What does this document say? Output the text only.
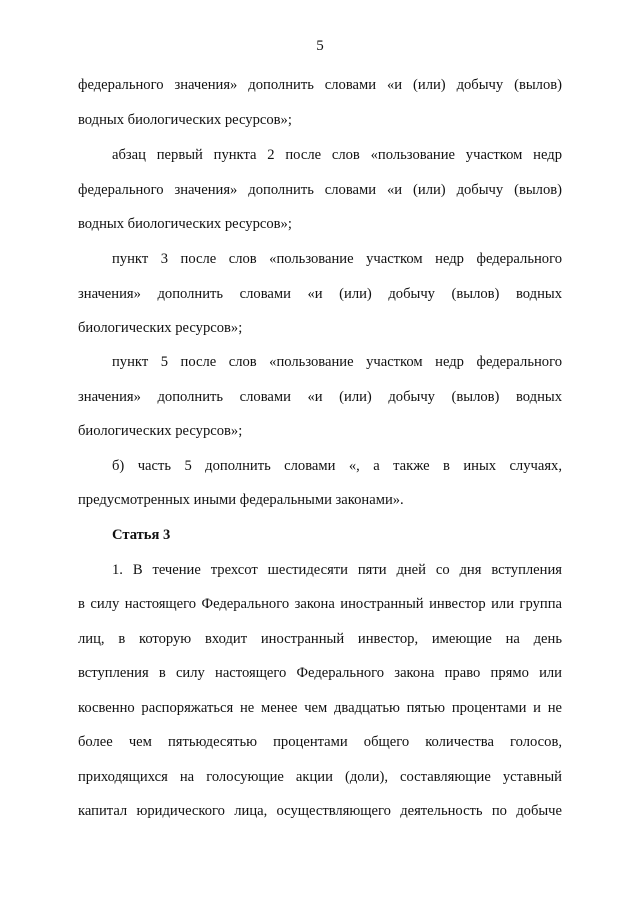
5
федерального значения» дополнить словами «и (или) добычу (вылов)
водных биологических ресурсов»;
абзац первый пункта 2 после слов «пользование участком недр
федерального значения» дополнить словами «и (или) добычу (вылов)
водных биологических ресурсов»;
пункт 3 после слов «пользование участком недр федерального
значения» дополнить словами «и (или) добычу (вылов) водных
биологических ресурсов»;
пункт 5 после слов «пользование участком недр федерального
значения» дополнить словами «и (или) добычу (вылов) водных
биологических ресурсов»;
б) часть 5 дополнить словами «, а также в иных случаях,
предусмотренных иными федеральными законами».
Статья 3
1. В течение трехсот шестидесяти пяти дней со дня вступления
в силу настоящего Федерального закона иностранный инвестор или группа
лиц, в которую входит иностранный инвестор, имеющие на день
вступления в силу настоящего Федерального закона право прямо или
косвенно распоряжаться не менее чем двадцатью пятью процентами и не
более чем пятьюдесятью процентами общего количества голосов,
приходящихся на голосующие акции (доли), составляющие уставный
капитал юридического лица, осуществляющего деятельность по добыче
